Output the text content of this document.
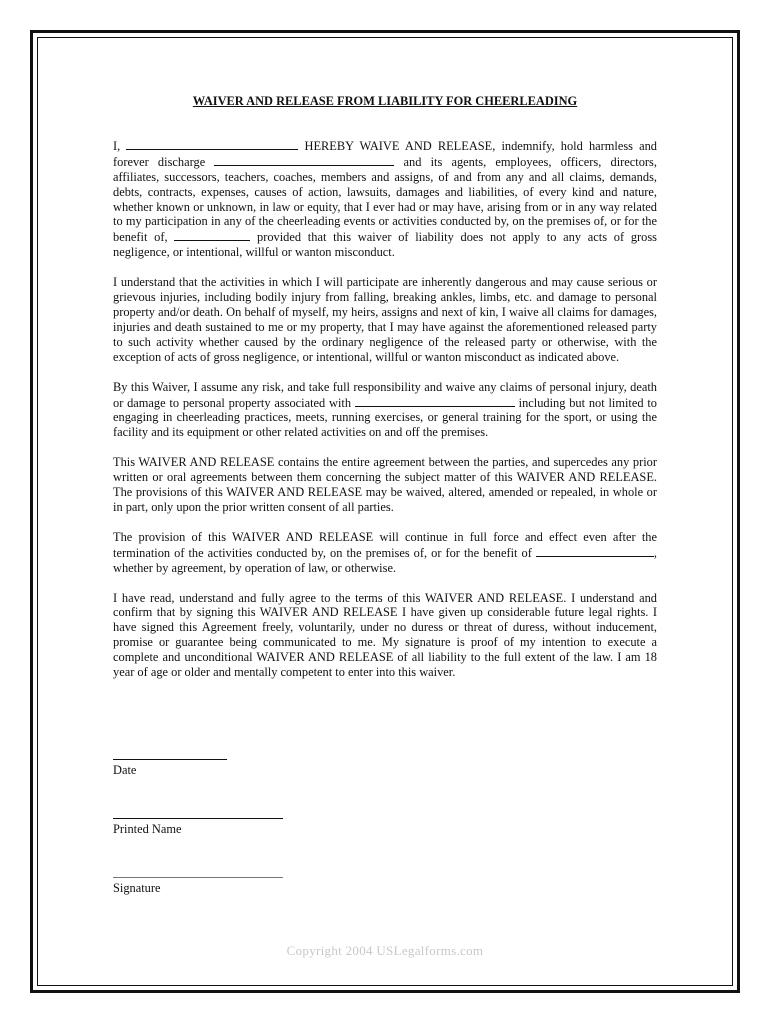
WAIVER AND RELEASE FROM LIABILITY FOR CHEERLEADING

I,	HEREBY WAIVE AND RELEASE, indemnify, hold harmless and forever discharge	and its agents, employees, officers, directors, affiliates, successors, teachers, coaches, members and assigns, of and from any and all claims, demands, debts, contracts, expenses, causes of action, lawsuits, damages and liabilities, of every kind and nature, whether known or unknown, in law or equity, that I ever had or may have, arising from or in any way related to my participation in any of the cheerleading events or activities conducted by, on the premises of, or for the benefit of,	provided that this waiver of liability does not apply to any acts of gross negligence, or intentional, willful or wanton misconduct.

I understand that the activities in which I will participate are inherently dangerous and may cause serious or grievous injuries, including bodily injury from falling, breaking ankles, limbs, etc. and damage to personal property and/or death. On behalf of myself, my heirs, assigns and next of kin, I waive all claims for damages, injuries and death sustained to me or my property, that I may have against the aforementioned released party to such activity whether caused by the ordinary negligence of the released party or otherwise, with the exception of acts of gross negligence, or intentional, willful or wanton misconduct as indicated above.

By this Waiver, I assume any risk, and take full responsibility and waive any claims of personal injury, death or damage to personal property associated with	including but not limited to engaging in cheerleading practices, meets, running exercises, or general training for the sport, or using the facility and its equipment or other related activities on and off the premises.

This WAIVER AND RELEASE contains the entire agreement between the parties, and supercedes any prior written or oral agreements between them concerning the subject matter of this WAIVER AND RELEASE. The provisions of this WAIVER AND RELEASE may be waived, altered, amended or repealed, in whole or in part, only upon the prior written consent of all parties.

The provision of this WAIVER AND RELEASE will continue in full force and effect even after the termination of the activities conducted by, on the premises of, or for the benefit of	, whether by agreement, by operation of law, or otherwise.

I have read, understand and fully agree to the terms of this WAIVER AND RELEASE. I understand and confirm that by signing this WAIVER AND RELEASE I have given up considerable future legal rights. I have signed this Agreement freely, voluntarily, under no duress or threat of duress, without inducement, promise or guarantee being communicated to me. My signature is proof of my intention to execute a complete and unconditional WAIVER AND RELEASE of all liability to the full extent of the law. I am 18 year of age or older and mentally competent to enter into this waiver.

Date
Printed Name
Signature
Copyright 2004 USLegalforms.com
